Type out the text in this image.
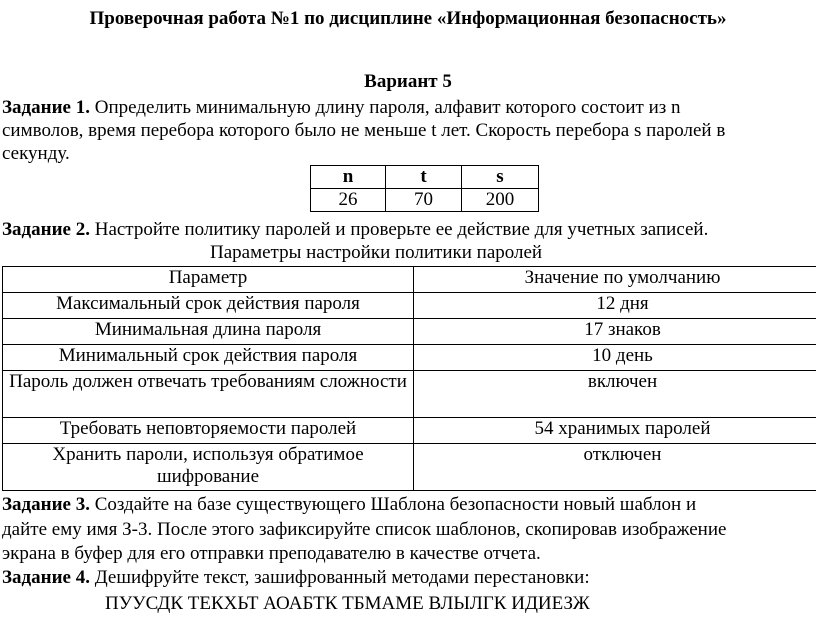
Проверочная работа №1 по дисциплине «Информационная безопасность»
Вариант 5
Задание 1. Определить минимальную длину пароля, алфавит которого состоит из n
символов, время перебора которого было не меньше t лет. Скорость перебора s паролей в
секунду.
n	t	s
26	70	200
Задание 2. Настройте политику паролей и проверьте ее действие для учетных записей.
Параметры настройки политики паролей
Параметр	Значение по умолчанию
Максимальный срок действия пароля	12 дня
Минимальная длина пароля	17 знаков
Минимальный срок действия пароля	10 день
Пароль должен отвечать требованиям сложности	включен
Требовать неповторяемости паролей	54 хранимых паролей
Хранить пароли, используя обратимое шифрование	отключен
Задание 3. Создайте на базе существующего Шаблона безопасности новый шаблон и
дайте ему имя З-3. После этого зафиксируйте список шаблонов, скопировав изображение
экрана в буфер для его отправки преподавателю в качестве отчета.
Задание 4. Дешифруйте текст, зашифрованный методами перестановки:
ПУУСДК ТЕКХЬТ АОАБТК ТБМАМЕ ВЛЫЛГК ИДИЕЗЖ
